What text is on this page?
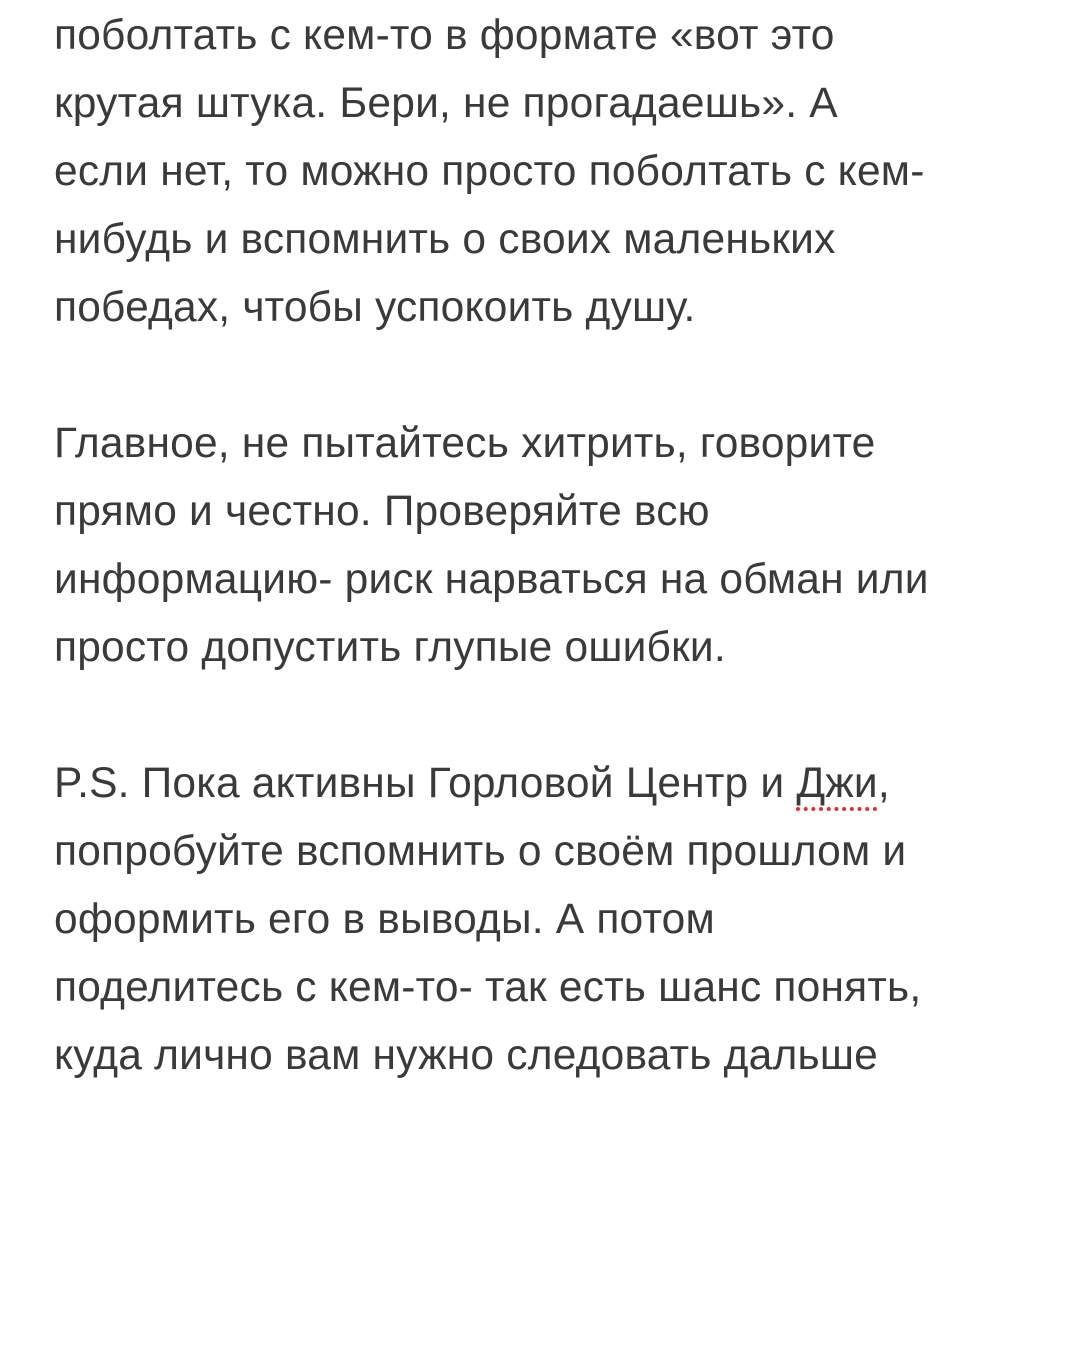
поболтать с кем-то в формате «вот это
крутая штука. Бери, не прогадаешь». А
если нет, то можно просто поболтать с кем-
нибудь и вспомнить о своих маленьких
победах, чтобы успокоить душу.
Главное, не пытайтесь хитрить, говорите
прямо и честно. Проверяйте всю
информацию- риск нарваться на обман или
просто допустить глупые ошибки.
P.S. Пока активны Горловой Центр и Джи,
попробуйте вспомнить о своём прошлом и
оформить его в выводы. А потом
поделитесь с кем-то- так есть шанс понять,
куда лично вам нужно следовать дальше
